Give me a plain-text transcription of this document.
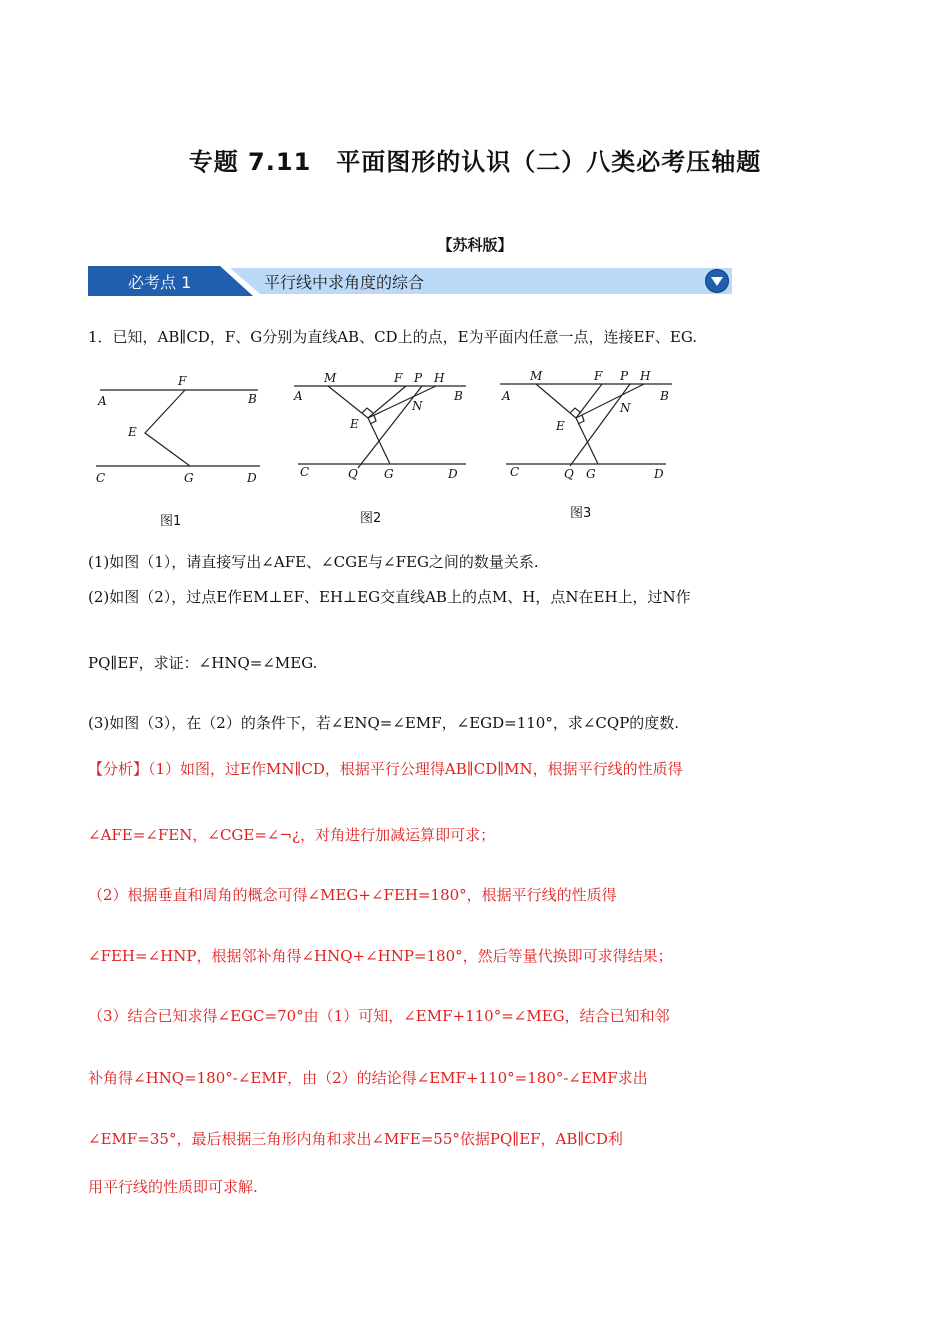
专题 7.11　平面图形的认识（二）八类必考压轴题
【苏科版】
必考点 1	平行线中求角度的综合
1．已知，AB∥CD，F、G分别为直线AB、CD上的点，E为平面内任意一点，连接EF、EG.
F
A	B
E
C	G	D
图1
M	F P H
A	B
N
E
C	Q G	D
图2
M	F P H
A	B
N
E
C	Q G	D
图3
(1)如图（1），请直接写出∠AFE、∠CGE与∠FEG之间的数量关系.
(2)如图（2），过点E作EM⊥EF、EH⊥EG交直线AB上的点M、H，点N在EH上，过N作
PQ∥EF，求证：∠HNQ=∠MEG.
(3)如图（3），在（2）的条件下，若∠ENQ=∠EMF，∠EGD=110°，求∠CQP的度数.
【分析】（1）如图，过E作MN∥CD，根据平行公理得AB∥CD∥MN，根据平行线的性质得
∠AFE=∠FEN，∠CGE=∠¬¿，对角进行加减运算即可求；
（2）根据垂直和周角的概念可得∠MEG+∠FEH=180°，根据平行线的性质得
∠FEH=∠HNP，根据邻补角得∠HNQ+∠HNP=180°，然后等量代换即可求得结果；
（3）结合已知求得∠EGC=70°由（1）可知，∠EMF+110°=∠MEG，结合已知和邻
补角得∠HNQ=180°-∠EMF，由（2）的结论得∠EMF+110°=180°-∠EMF求出
∠EMF=35°，最后根据三角形内角和求出∠MFE=55°依据PQ∥EF，AB∥CD利
用平行线的性质即可求解.
